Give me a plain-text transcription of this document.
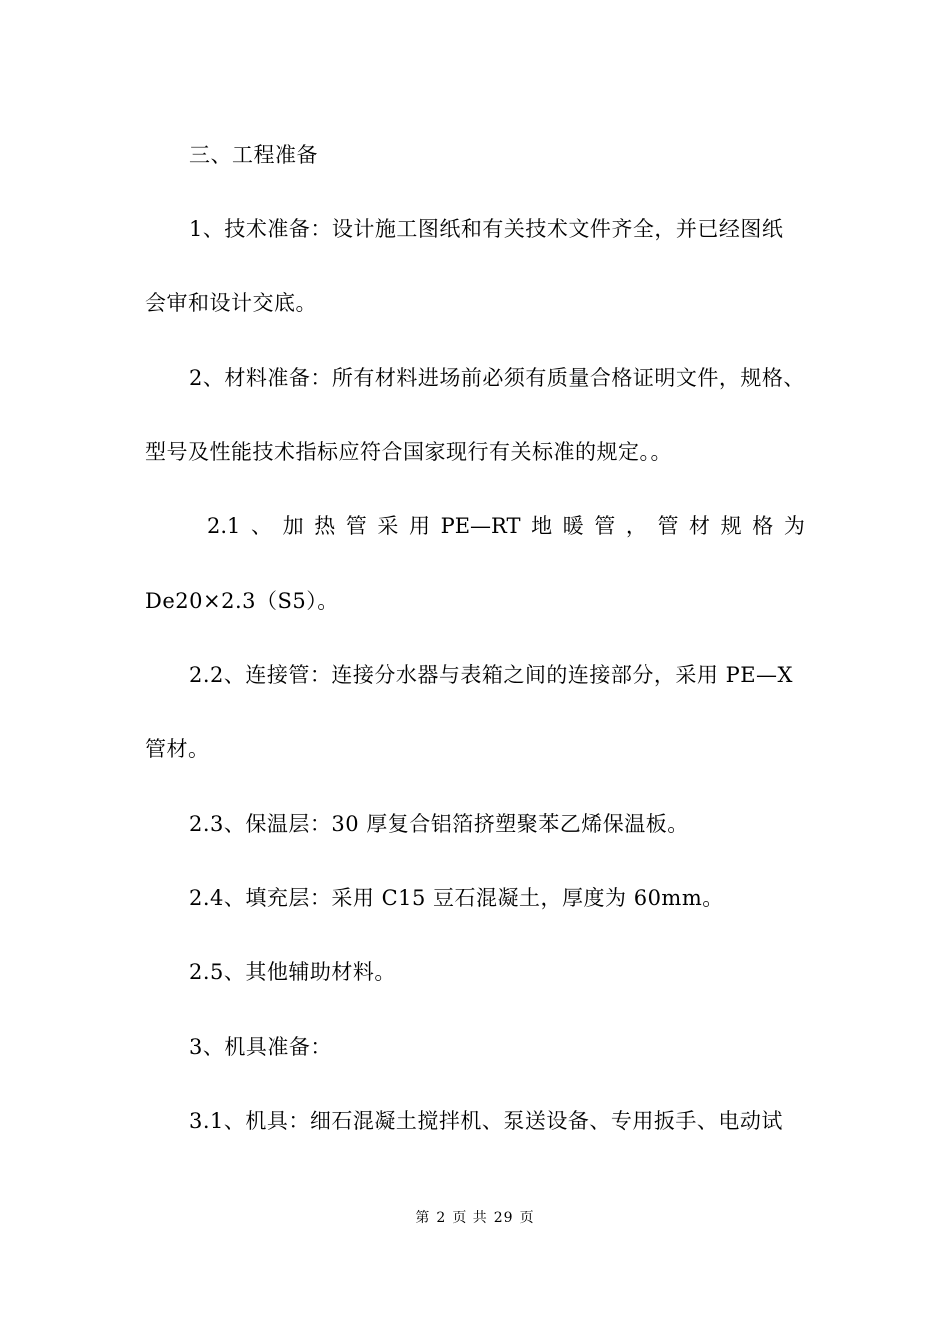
三、工程准备
1、技术准备：设计施工图纸和有关技术文件齐全，并已经图纸
会审和设计交底。
2、材料准备：所有材料进场前必须有质量合格证明文件，规格、
型号及性能技术指标应符合国家现行有关标准的规定。。
2.1 、 加 热 管 采 用 PE—RT 地 暖 管 ， 管 材 规 格 为
De20×2.3（S5）。
2.2、连接管：连接分水器与表箱之间的连接部分，采用 PE—X
管材。
2.3、保温层：30 厚复合铝箔挤塑聚苯乙烯保温板。
2.4、填充层：采用 C15 豆石混凝土，厚度为 60mm。
2.5、其他辅助材料。
3、机具准备：
3.1、机具：细石混凝土搅拌机、泵送设备、专用扳手、电动试
第 2 页 共 29 页
